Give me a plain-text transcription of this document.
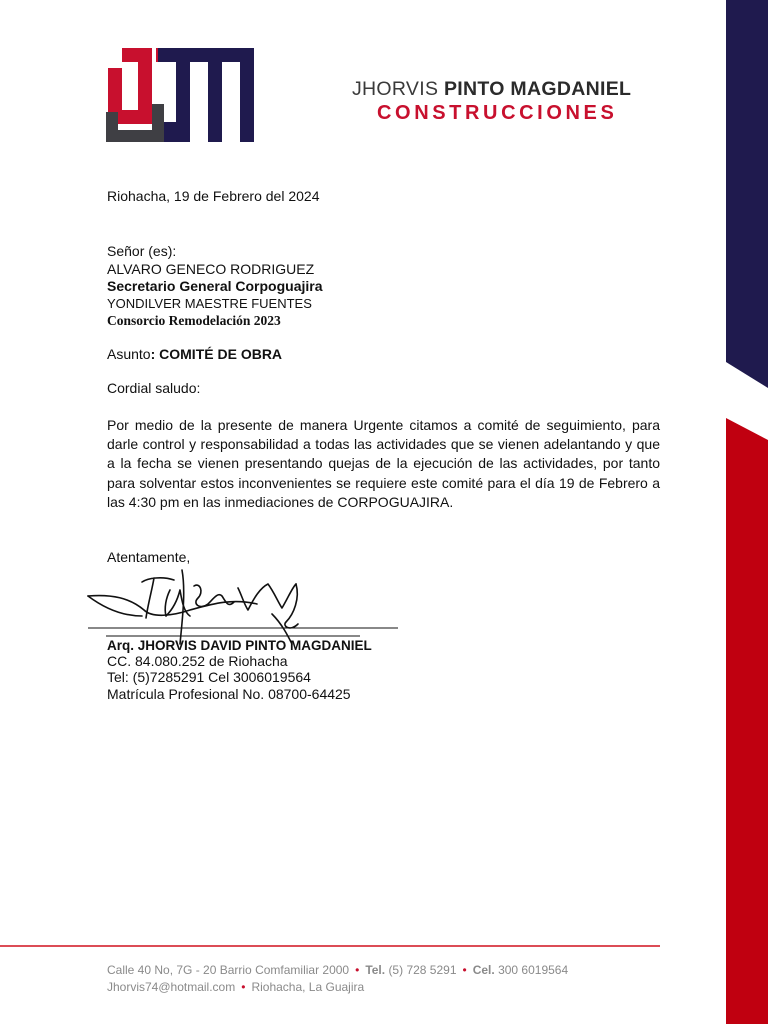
JHORVIS PINTO MAGDANIEL
CONSTRUCCIONES
Riohacha, 19 de Febrero del 2024
Señor (es):
ALVARO GENECO RODRIGUEZ
Secretario General Corpoguajira
YONDILVER MAESTRE FUENTES
Consorcio Remodelación 2023
Asunto: COMITÉ DE OBRA
Cordial saludo:
Por medio de la presente de manera Urgente citamos a comité de seguimiento, para darle control y responsabilidad a todas las actividades que se vienen adelantando y que a la fecha se vienen presentando quejas de la ejecución de las actividades, por tanto para solventar estos inconvenientes se requiere este comité para el día 19 de Febrero a las 4:30 pm en las inmediaciones de CORPOGUAJIRA.
Atentamente,
Arq. JHORVIS DAVID PINTO MAGDANIEL
CC. 84.080.252 de Riohacha
Tel: (5)7285291 Cel 3006019564
Matrícula Profesional No. 08700-64425
Calle 40 No, 7G - 20 Barrio Comfamiliar 2000 • Tel. (5) 728 5291 • Cel. 300 6019564
Jhorvis74@hotmail.com • Riohacha, La Guajira
